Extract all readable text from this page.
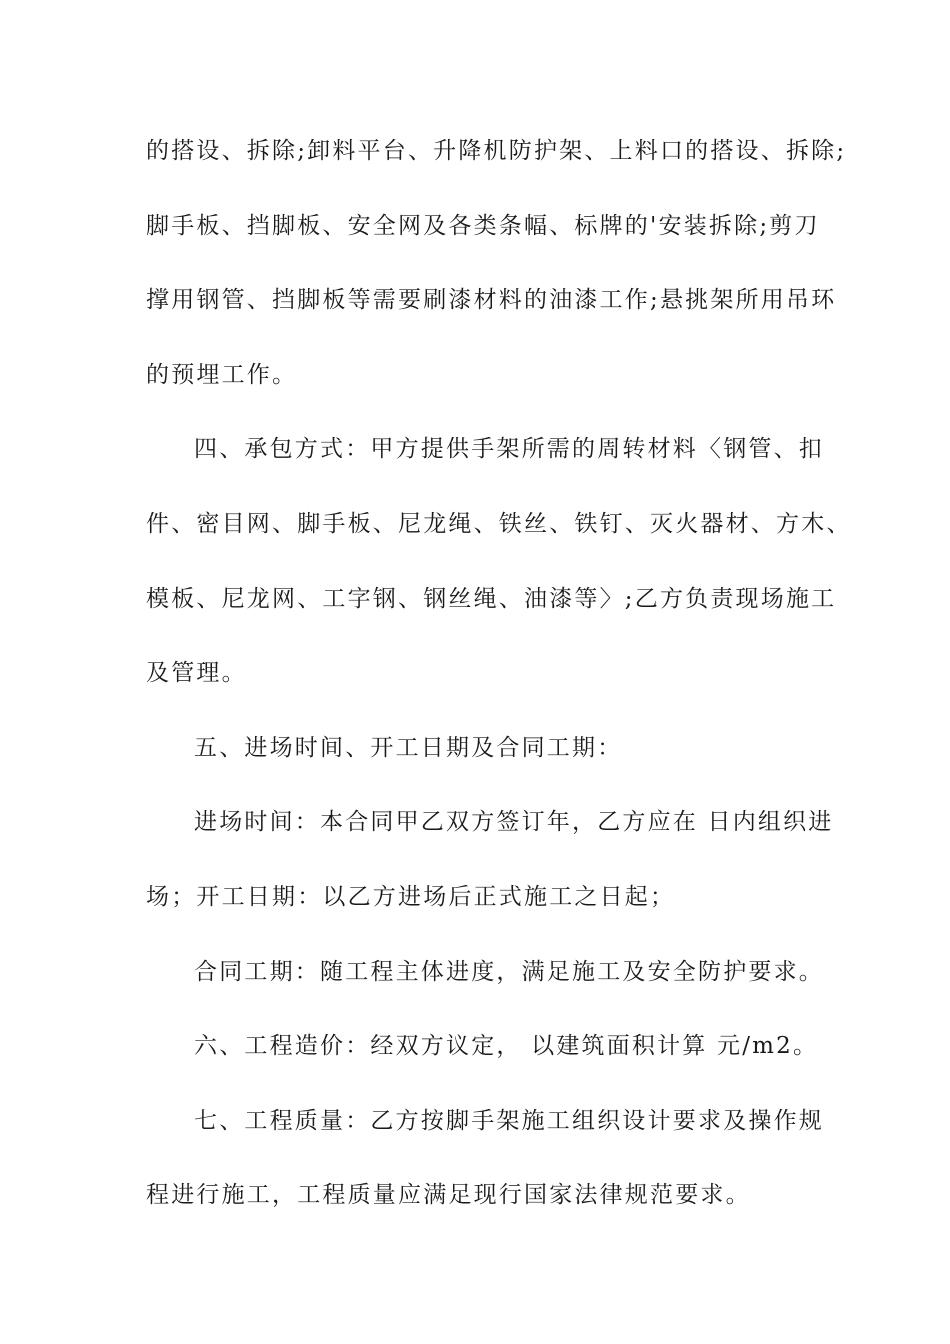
的搭设、拆除;卸料平台、升降机防护架、上料口的搭设、拆除;
脚手板、挡脚板、安全网及各类条幅、标牌的'安装拆除;剪刀
撑用钢管、挡脚板等需要刷漆材料的油漆工作;悬挑架所用吊环
的预埋工作。
四、承包方式：甲方提供手架所需的周转材料〈钢管、扣
件、密目网、脚手板、尼龙绳、铁丝、铁钉、灭火器材、方木、
模板、尼龙网、工字钢、钢丝绳、油漆等〉;乙方负责现场施工
及管理。
五、进场时间、开工日期及合同工期：
进场时间：本合同甲乙双方签订年，乙方应在 日内组织进
场；开工日期：以乙方进场后正式施工之日起；
合同工期：随工程主体进度，满足施工及安全防护要求。
六、工程造价：经双方议定， 以建筑面积计算 元/m2。
七、工程质量：乙方按脚手架施工组织设计要求及操作规
程进行施工，工程质量应满足现行国家法律规范要求。
